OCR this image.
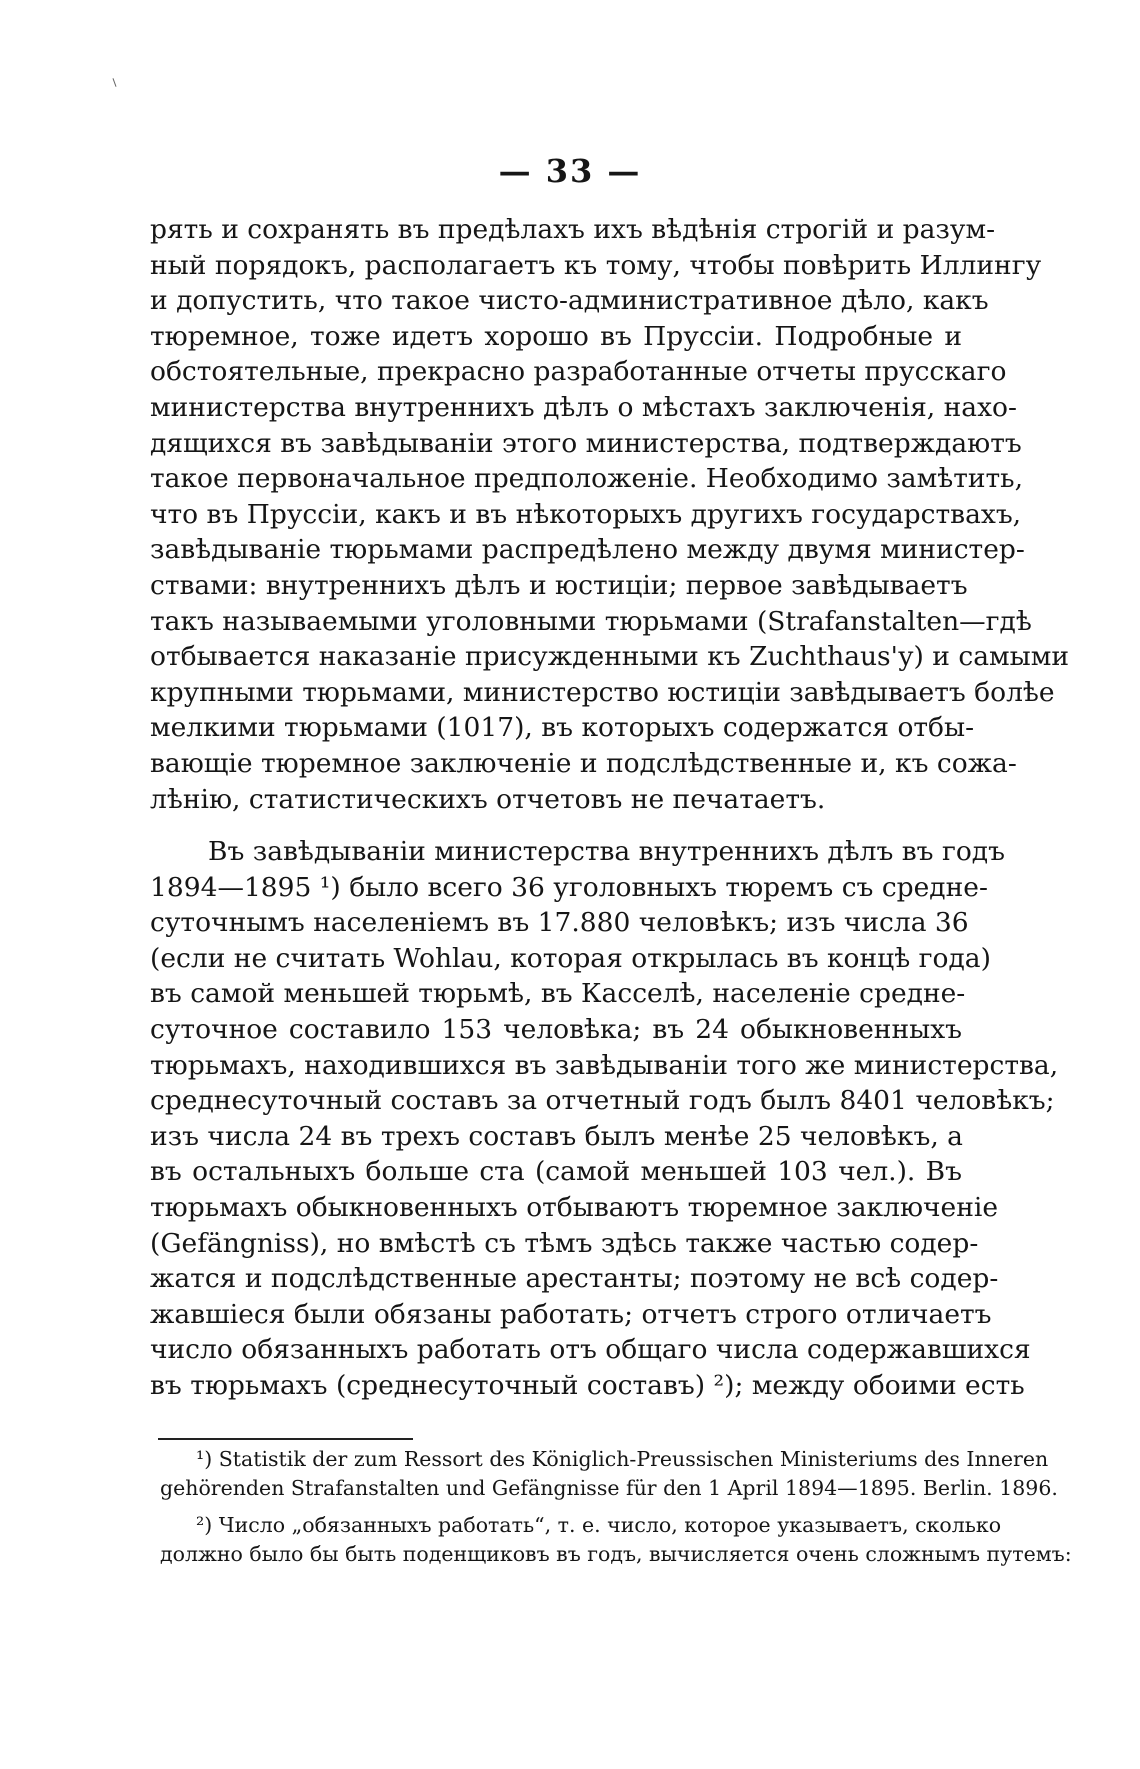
— 33 —
рять и сохранять въ предѣлахъ ихъ вѣдѣнія строгій и разум-
ный порядокъ, располагаетъ къ тому, чтобы повѣрить Иллингу
и допустить, что такое чисто-административное дѣло, какъ
тюремное, тоже идетъ хорошо въ Пруссіи. Подробные и
обстоятельные, прекрасно разработанные отчеты прусскаго
министерства внутреннихъ дѣлъ о мѣстахъ заключенія, нахо-
дящихся въ завѣдываніи этого министерства, подтверждаютъ
такое первоначальное предположеніе. Необходимо замѣтить,
что въ Пруссіи, какъ и въ нѣкоторыхъ другихъ государствахъ,
завѣдываніе тюрьмами распредѣлено между двумя министер-
ствами: внутреннихъ дѣлъ и юстиціи; первое завѣдываетъ
такъ называемыми уголовными тюрьмами (Strafanstalten—гдѣ
отбывается наказаніе присужденными къ Zuchthaus'у) и самыми
крупными тюрьмами, министерство юстиціи завѣдываетъ болѣе
мелкими тюрьмами (1017), въ которыхъ содержатся отбы-
вающіе тюремное заключеніе и подслѣдственные и, къ сожа-
лѣнію, статистическихъ отчетовъ не печатаетъ.
Въ завѣдываніи министерства внутреннихъ дѣлъ въ годъ
1894—1895 ¹) было всего 36 уголовныхъ тюремъ съ средне-
суточнымъ населеніемъ въ 17.880 человѣкъ; изъ числа 36
(если не считать Wohlau, которая открылась въ концѣ года)
въ самой меньшей тюрьмѣ, въ Касселѣ, населеніе средне-
суточное составило 153 человѣка; въ 24 обыкновенныхъ
тюрьмахъ, находившихся въ завѣдываніи того же министерства,
среднесуточный составъ за отчетный годъ былъ 8401 человѣкъ;
изъ числа 24 въ трехъ составъ былъ менѣе 25 человѣкъ, а
въ остальныхъ больше ста (самой меньшей 103 чел.). Въ
тюрьмахъ обыкновенныхъ отбываютъ тюремное заключеніе
(Gefängniss), но вмѣстѣ съ тѣмъ здѣсь также частью содер-
жатся и подслѣдственные арестанты; поэтому не всѣ содер-
жавшіеся были обязаны работать; отчетъ строго отличаетъ
число обязанныхъ работать отъ общаго числа содержавшихся
въ тюрьмахъ (среднесуточный составъ) ²); между обоими есть
¹) Statistik der zum Ressort des Königlich-Preussischen Ministeriums des Inneren
gehörenden Strafanstalten und Gefängnisse für den 1 April 1894—1895. Berlin. 1896.
²) Число „обязанныхъ работать“, т. е. число, которое указываетъ, сколько
должно было бы быть поденщиковъ въ годъ, вычисляется очень сложнымъ путемъ:
